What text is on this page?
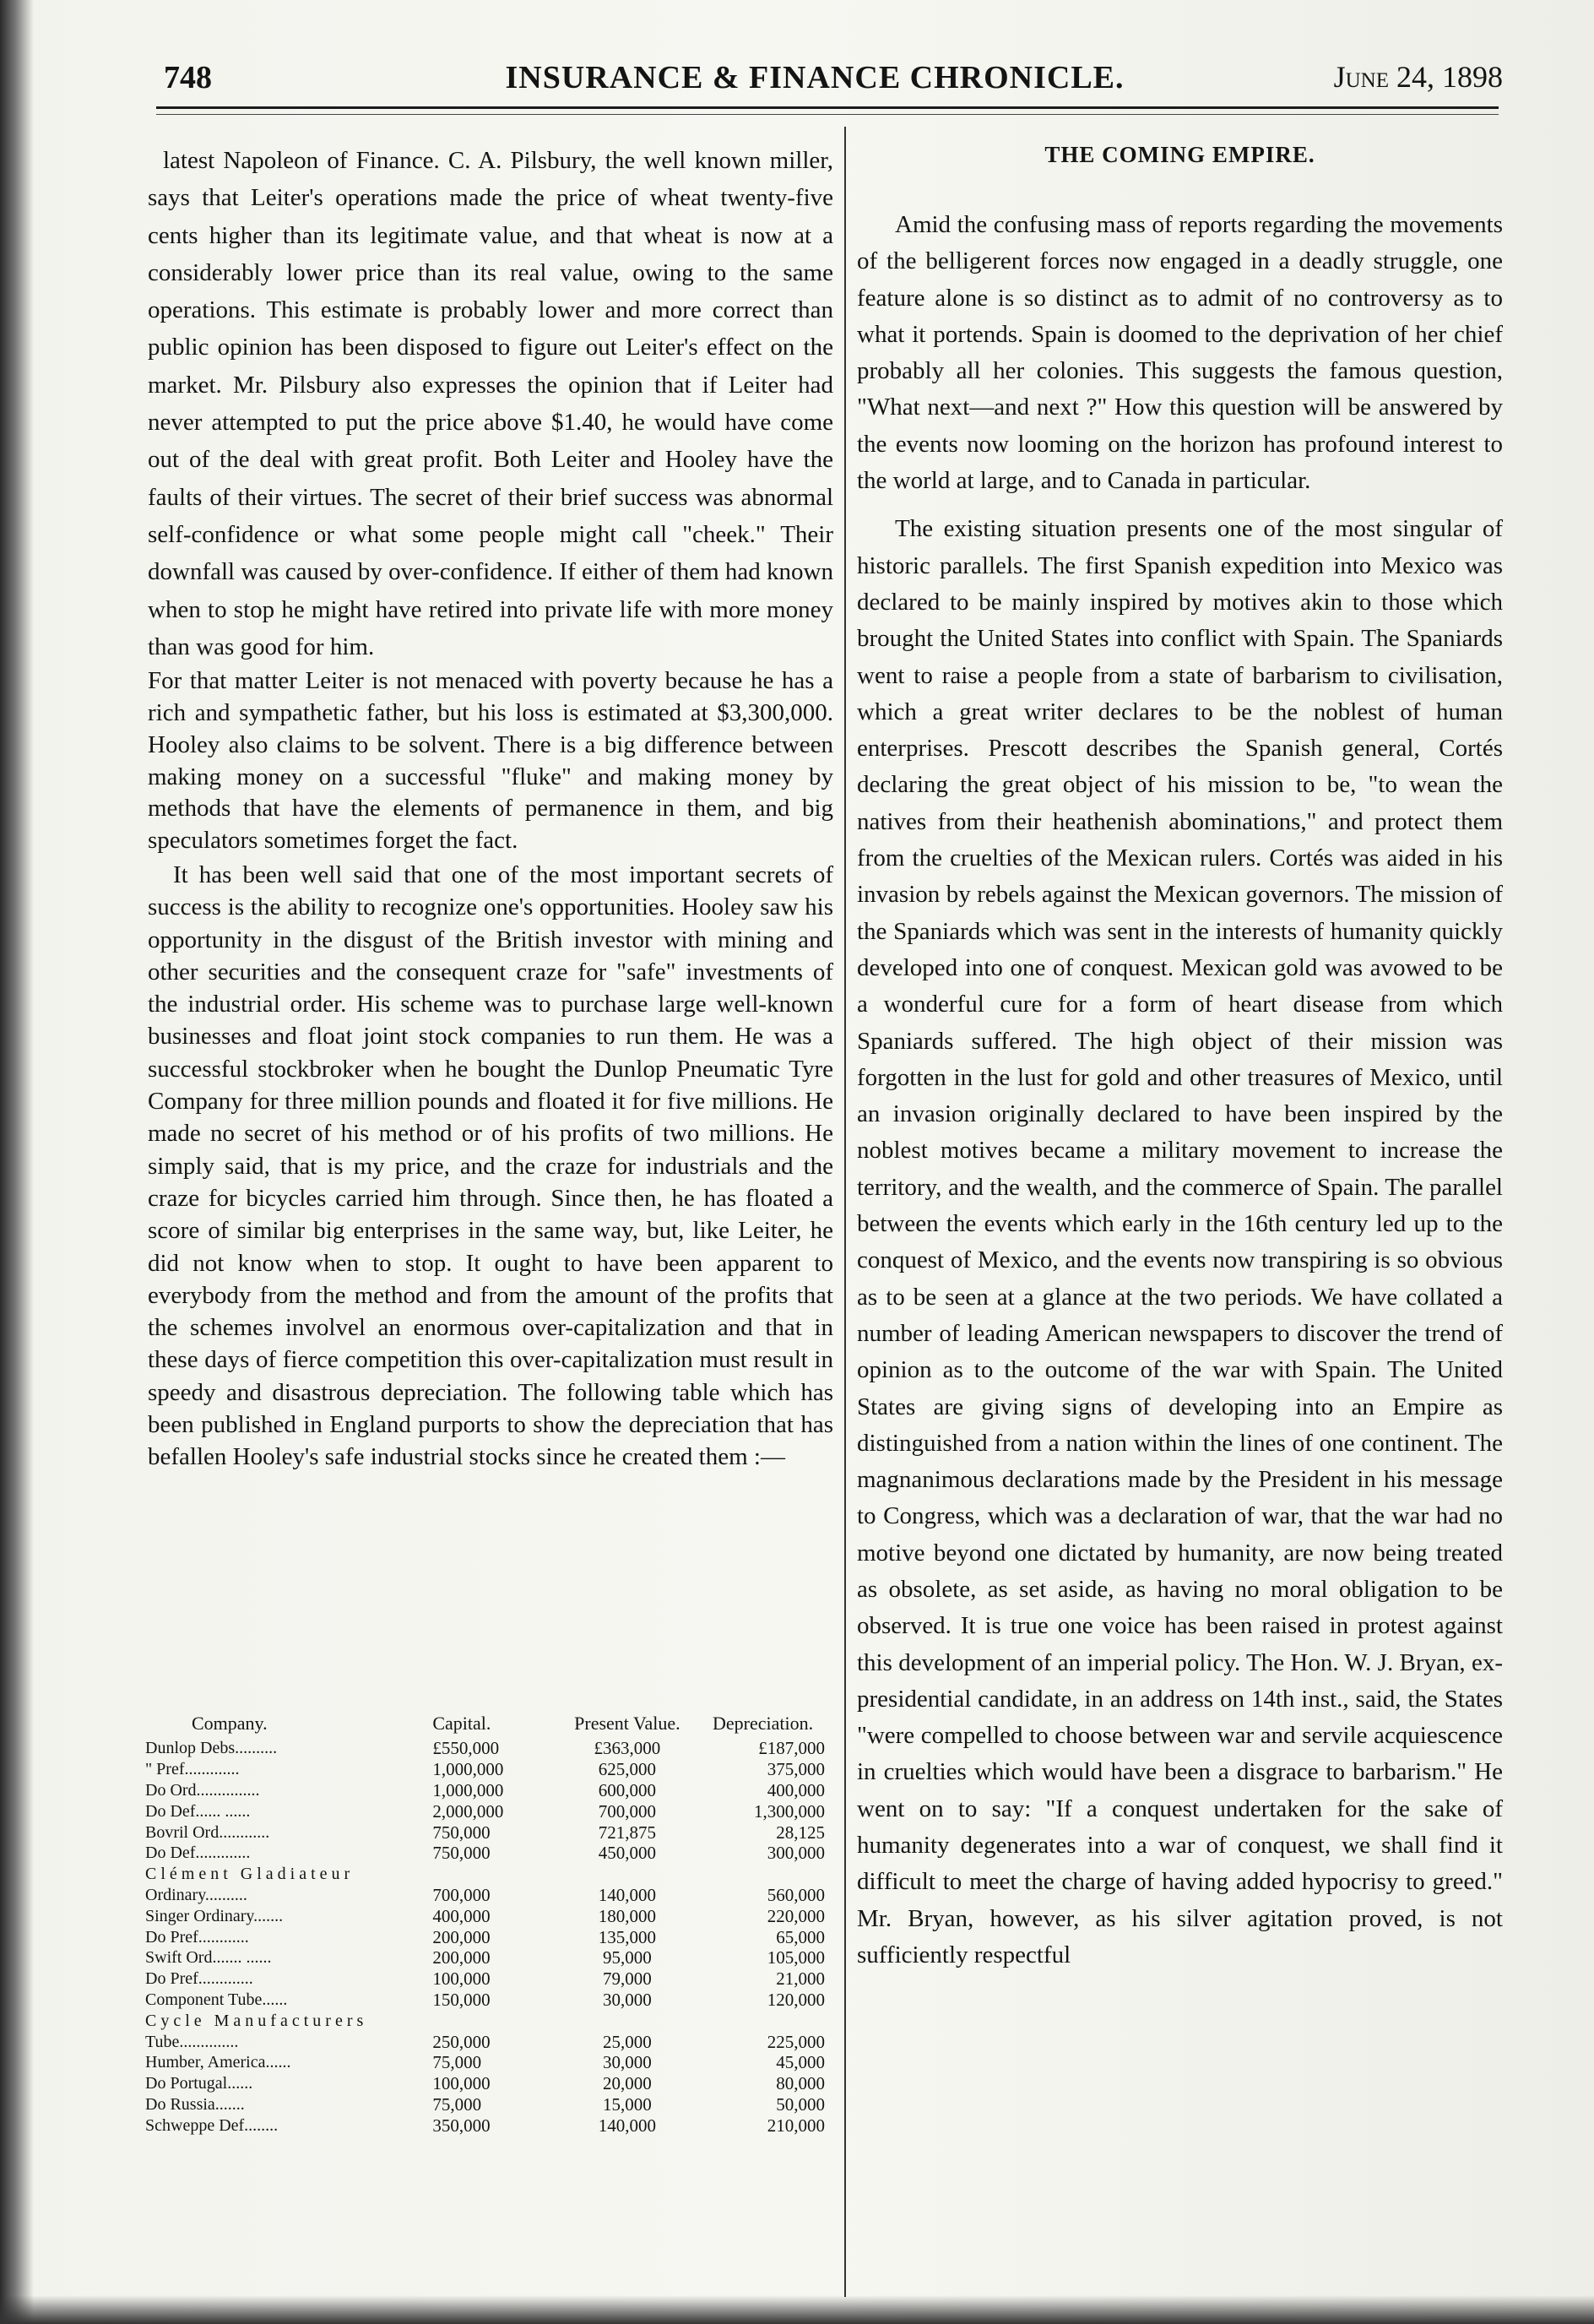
748	INSURANCE & FINANCE CHRONICLE.	June 24, 1898

latest Napoleon of Finance. C. A. Pilsbury, the well known miller, says that Leiter's operations made the price of wheat twenty-five cents higher than its legitimate value, and that wheat is now at a considerably lower price than its real value, owing to the same operations. This estimate is probably lower and more correct than public opinion has been disposed to figure out Leiter's effect on the market. Mr. Pilsbury also expresses the opinion that if Leiter had never attempted to put the price above $1.40, he would have come out of the deal with great profit. Both Leiter and Hooley have the faults of their virtues. The secret of their brief success was abnormal self-confidence or what some people might call "cheek." Their downfall was caused by over-confidence. If either of them had known when to stop he might have retired into private life with more money than was good for him.

For that matter Leiter is not menaced with poverty because he has a rich and sympathetic father, but his loss is estimated at $3,300,000. Hooley also claims to be solvent. There is a big difference between making money on a successful "fluke" and making money by methods that have the elements of permanence in them, and big speculators sometimes forget the fact.

It has been well said that one of the most important secrets of success is the ability to recognize one's opportunities. Hooley saw his opportunity in the disgust of the British investor with mining and other securities and the consequent craze for "safe" investments of the industrial order. His scheme was to purchase large well-known businesses and float joint stock companies to run them. He was a successful stockbroker when he bought the Dunlop Pneumatic Tyre Company for three million pounds and floated it for five millions. He made no secret of his method or of his profits of two millions. He simply said, that is my price, and the craze for industrials and the craze for bicycles carried him through. Since then, he has floated a score of similar big enterprises in the same way, but, like Leiter, he did not know when to stop. It ought to have been apparent to everybody from the method and from the amount of the profits that the schemes involvel an enormous over-capitalization and that in these days of fierce competition this over-capitalization must result in speedy and disastrous depreciation. The following table which has been published in England purports to show the depreciation that has befallen Hooley's safe industrial stocks since he created them :—

Company.	Capital.	Present Value.	Depreciation.
Dunlop Debs..........	£550,000	£363,000	£187,000
" Pref.............	1,000,000	625,000	375,000
Do Ord...............	1,000,000	600,000	400,000
Do Def...... ......	2,000,000	700,000	1,300,000
Bovril Ord............	750,000	721,875	28,125
Do Def.............	750,000	450,000	300,000
Clément Gladiateur			
Ordinary..........	700,000	140,000	560,000
Singer Ordinary.......	400,000	180,000	220,000
Do Pref............	200,000	135,000	65,000
Swift Ord....... ......	200,000	95,000	105,000
Do Pref.............	100,000	79,000	21,000
Component Tube......	150,000	30,000	120,000
Cycle Manufacturers			
Tube..............	250,000	25,000	225,000
Humber, America......	75,000	30,000	45,000
Do Portugal......	100,000	20,000	80,000
Do Russia.......	75,000	15,000	50,000
Schweppe Def........	350,000	140,000	210,000
THE COMING EMPIRE.

Amid the confusing mass of reports regarding the movements of the belligerent forces now engaged in a deadly struggle, one feature alone is so distinct as to admit of no controversy as to what it portends. Spain is doomed to the deprivation of her chief probably all her colonies. This suggests the famous question, "What next—and next ?" How this question will be answered by the events now looming on the horizon has profound interest to the world at large, and to Canada in particular.

The existing situation presents one of the most singular of historic parallels. The first Spanish expedition into Mexico was declared to be mainly inspired by motives akin to those which brought the United States into conflict with Spain. The Spaniards went to raise a people from a state of barbarism to civilisation, which a great writer declares to be the noblest of human enterprises. Prescott describes the Spanish general, Cortés declaring the great object of his mission to be, "to wean the natives from their heathenish abominations," and protect them from the cruelties of the Mexican rulers. Cortés was aided in his invasion by rebels against the Mexican governors. The mission of the Spaniards which was sent in the interests of humanity quickly developed into one of conquest. Mexican gold was avowed to be a wonderful cure for a form of heart disease from which Spaniards suffered. The high object of their mission was forgotten in the lust for gold and other treasures of Mexico, until an invasion originally declared to have been inspired by the noblest motives became a military movement to increase the territory, and the wealth, and the commerce of Spain. The parallel between the events which early in the 16th century led up to the conquest of Mexico, and the events now transpiring is so obvious as to be seen at a glance at the two periods. We have collated a number of leading American newspapers to discover the trend of opinion as to the outcome of the war with Spain. The United States are giving signs of developing into an Empire as distinguished from a nation within the lines of one continent. The magnanimous declarations made by the President in his message to Congress, which was a declaration of war, that the war had no motive beyond one dictated by humanity, are now being treated as obsolete, as set aside, as having no moral obligation to be observed. It is true one voice has been raised in protest against this development of an imperial policy. The Hon. W. J. Bryan, ex-presidential candidate, in an address on 14th inst., said, the States "were compelled to choose between war and servile acquiescence in cruelties which would have been a disgrace to barbarism." He went on to say: "If a conquest undertaken for the sake of humanity degenerates into a war of conquest, we shall find it difficult to meet the charge of having added hypocrisy to greed." Mr. Bryan, however, as his silver agitation proved, is not sufficiently respectful
